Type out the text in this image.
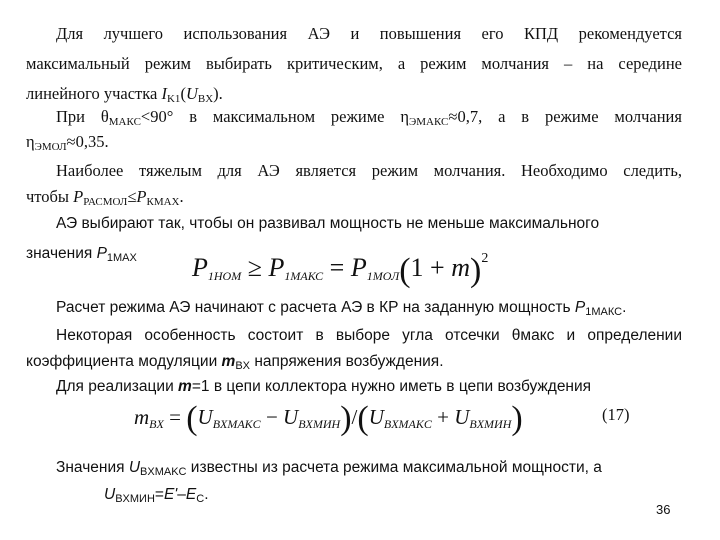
Для лучшего использования АЭ и повышения его КПД рекомендуется
максимальный режим выбирать критическим, а режим молчания – на середине
линейного участка $I_{K1}(U_{BX})$.
При $\theta_{МАКС}<90^\circ$ в максимальном режиме $\eta_{ЭМАКС}\approx 0,7$, а в режиме молчания
$\eta_{ЭМОЛ}\approx 0,35$.
Наиболее тяжелым для АЭ является режим молчания. Необходимо следить,
чтобы $P_{РАСМОЛ}\le P_{КМАХ}$.
АЭ выбирают так, чтобы он развивал мощность не меньше максимального
значения $P_{1MAX}$ $P_{1НОМ} \ge P_{1МАКС} = P_{1МОЛ}(1 + m)^2$
Расчет режима АЭ начинают с расчета АЭ в КР на заданную мощность $P_{1МАКС}$.
Некоторая особенность состоит в выборе угла отсечки θмакс и определении
коэффициента модуляции $m_{BX}$ напряжения возбуждения.
Для реализации m=1 в цепи коллектора нужно иметь в цепи возбуждения
$m_{BX} = (U_{BXMAKC} - U_{BXMИН})/(U_{BXMAKC} + U_{BXMИН})$	(17)
Значения $U_{BXMAKC}$ известны из расчета режима максимальной мощности, а
$U_{BXMИН}=E'-E_C$.
36
